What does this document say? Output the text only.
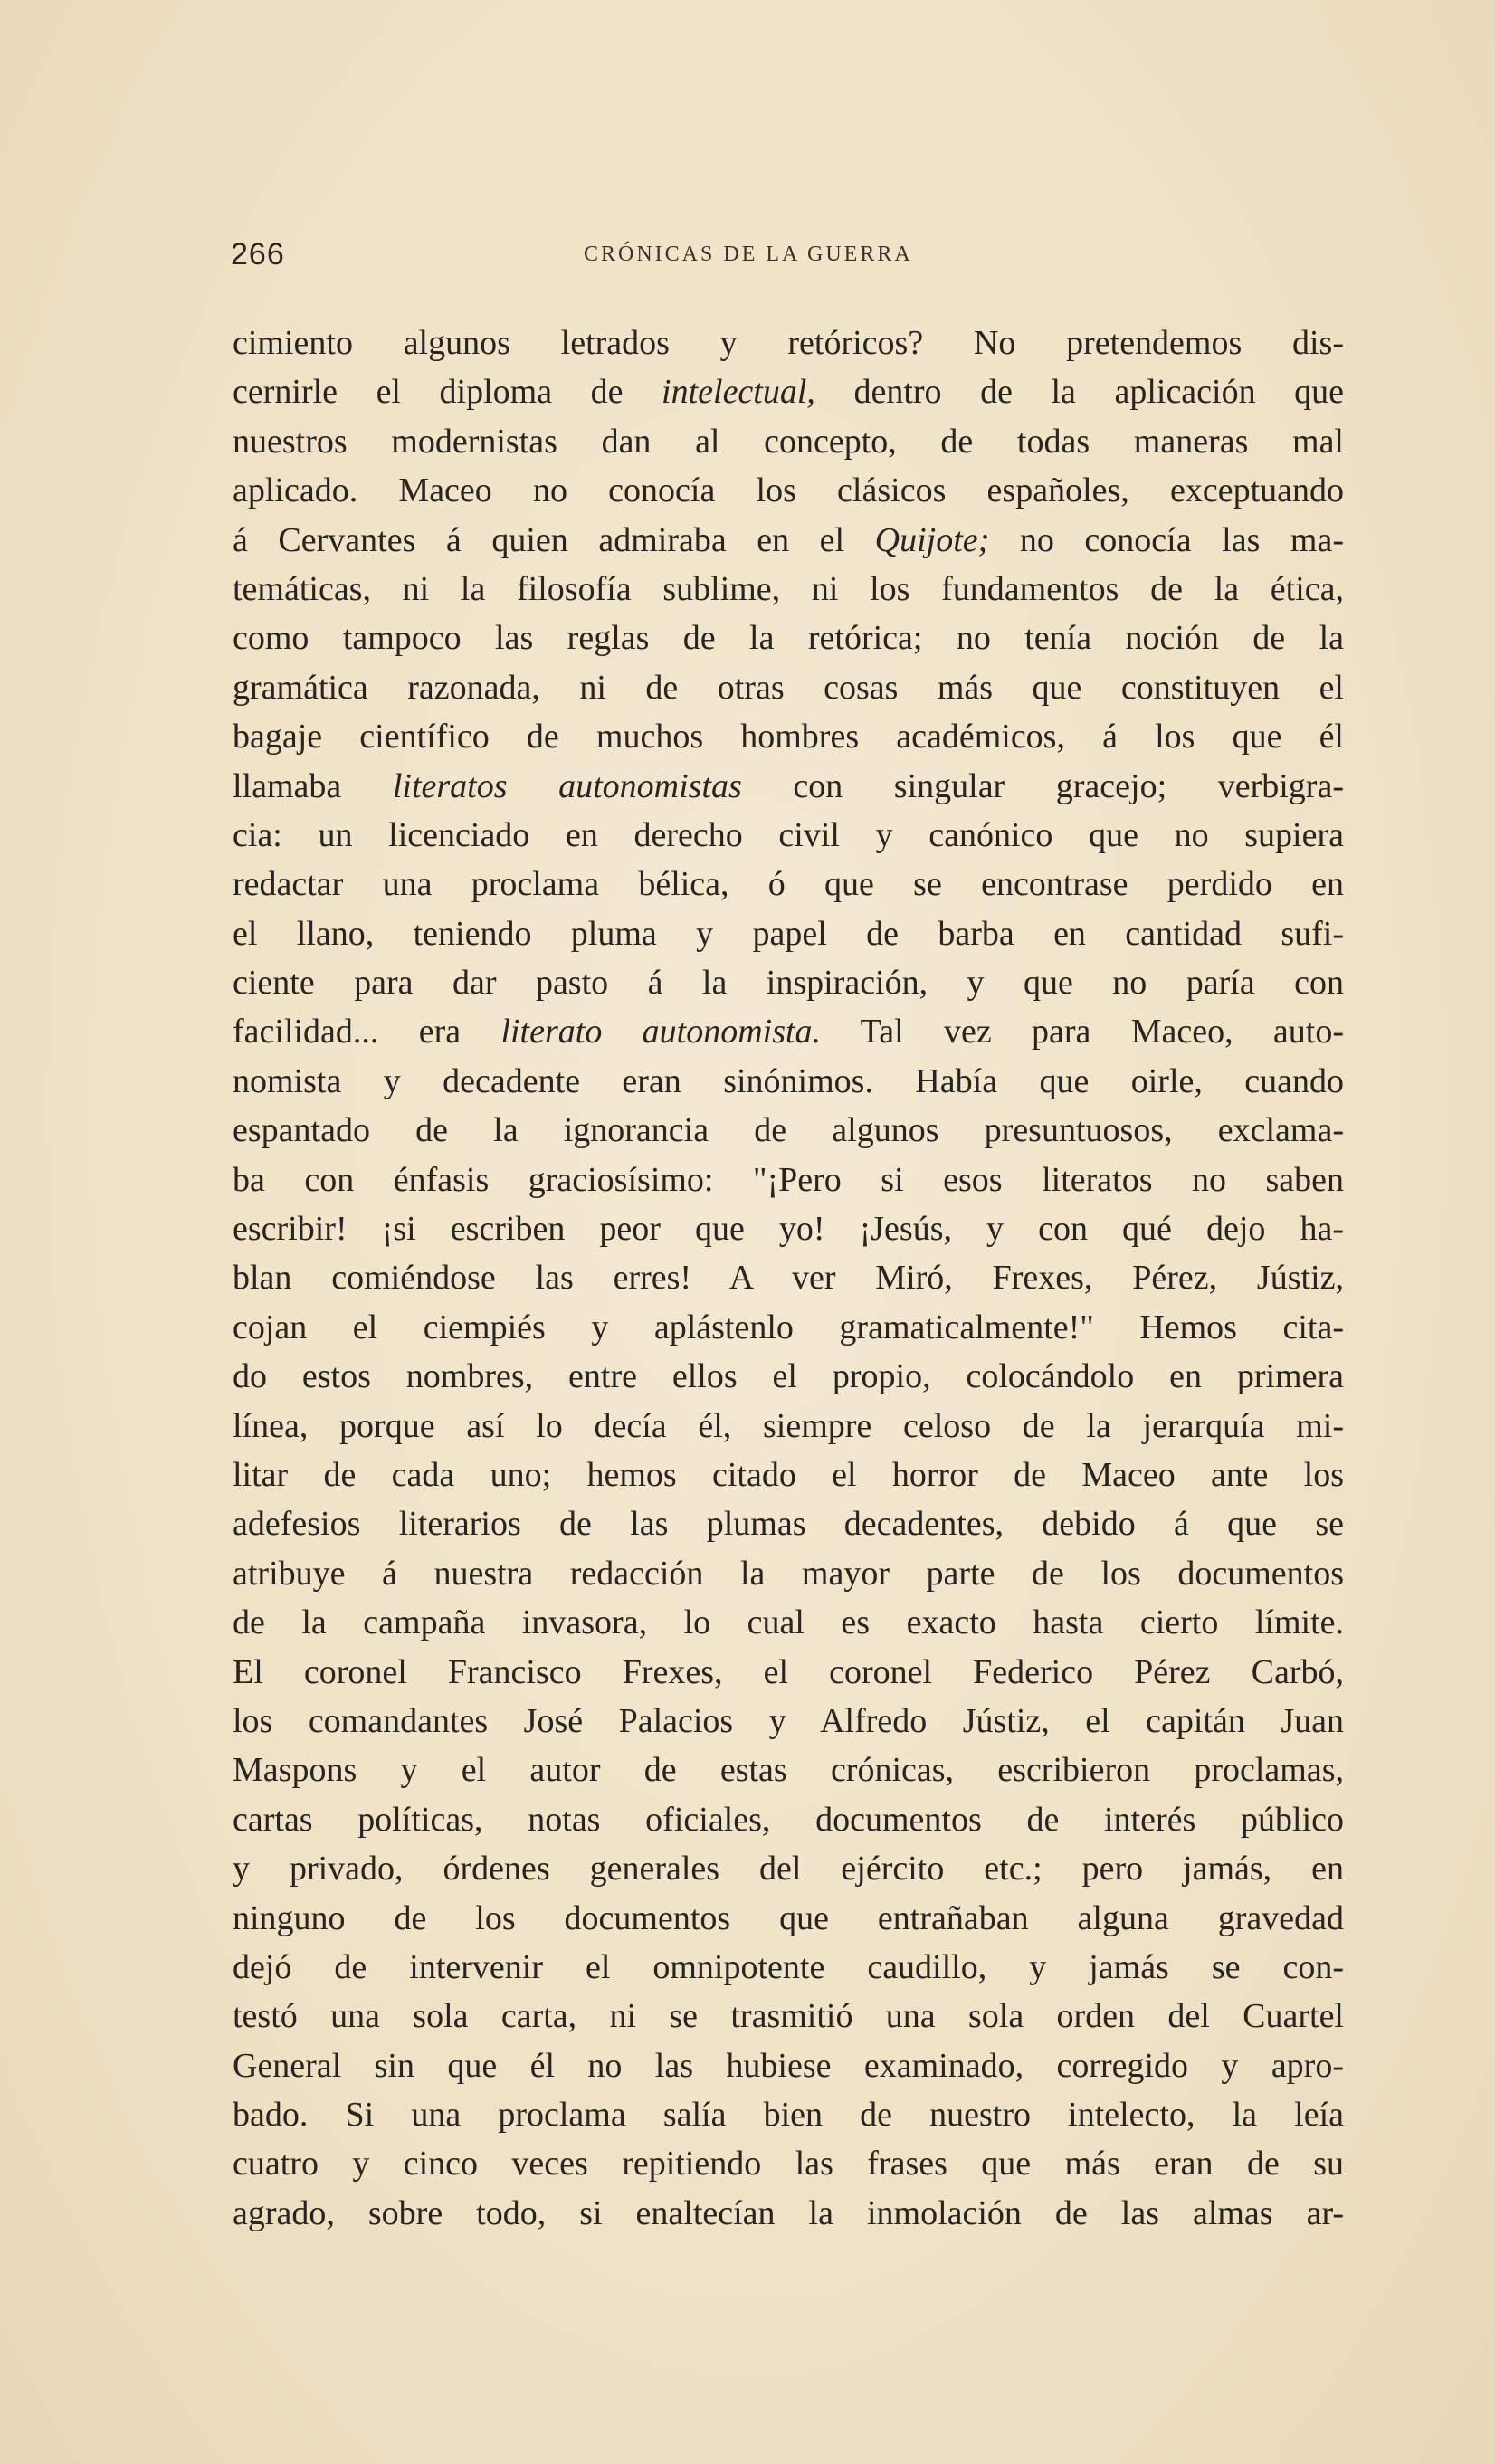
266	CRÓNICAS DE LA GUERRA
cimiento algunos letrados y retóricos? No pretendemos dis-
cernirle el diploma de intelectual, dentro de la aplicación que
nuestros modernistas dan al concepto, de todas maneras mal
aplicado. Maceo no conocía los clásicos españoles, exceptuando
á Cervantes á quien admiraba en el Quijote; no conocía las ma-
temáticas, ni la filosofía sublime, ni los fundamentos de la ética,
como tampoco las reglas de la retórica; no tenía noción de la
gramática razonada, ni de otras cosas más que constituyen el
bagaje científico de muchos hombres académicos, á los que él
llamaba literatos autonomistas con singular gracejo; verbigra-
cia: un licenciado en derecho civil y canónico que no supiera
redactar una proclama bélica, ó que se encontrase perdido en
el llano, teniendo pluma y papel de barba en cantidad sufi-
ciente para dar pasto á la inspiración, y que no paría con
facilidad... era literato autonomista. Tal vez para Maceo, auto-
nomista y decadente eran sinónimos. Había que oirle, cuando
espantado de la ignorancia de algunos presuntuosos, exclama-
ba con énfasis graciosísimo: "¡Pero si esos literatos no saben
escribir! ¡si escriben peor que yo! ¡Jesús, y con qué dejo ha-
blan comiéndose las erres! A ver Miró, Frexes, Pérez, Jústiz,
cojan el ciempiés y aplástenlo gramaticalmente!" Hemos cita-
do estos nombres, entre ellos el propio, colocándolo en primera
línea, porque así lo decía él, siempre celoso de la jerarquía mi-
litar de cada uno; hemos citado el horror de Maceo ante los
adefesios literarios de las plumas decadentes, debido á que se
atribuye á nuestra redacción la mayor parte de los documentos
de la campaña invasora, lo cual es exacto hasta cierto límite.
El coronel Francisco Frexes, el coronel Federico Pérez Carbó,
los comandantes José Palacios y Alfredo Jústiz, el capitán Juan
Maspons y el autor de estas crónicas, escribieron proclamas,
cartas políticas, notas oficiales, documentos de interés público
y privado, órdenes generales del ejército etc.; pero jamás, en
ninguno de los documentos que entrañaban alguna gravedad
dejó de intervenir el omnipotente caudillo, y jamás se con-
testó una sola carta, ni se trasmitió una sola orden del Cuartel
General sin que él no las hubiese examinado, corregido y apro-
bado. Si una proclama salía bien de nuestro intelecto, la leía
cuatro y cinco veces repitiendo las frases que más eran de su
agrado, sobre todo, si enaltecían la inmolación de las almas ar-
